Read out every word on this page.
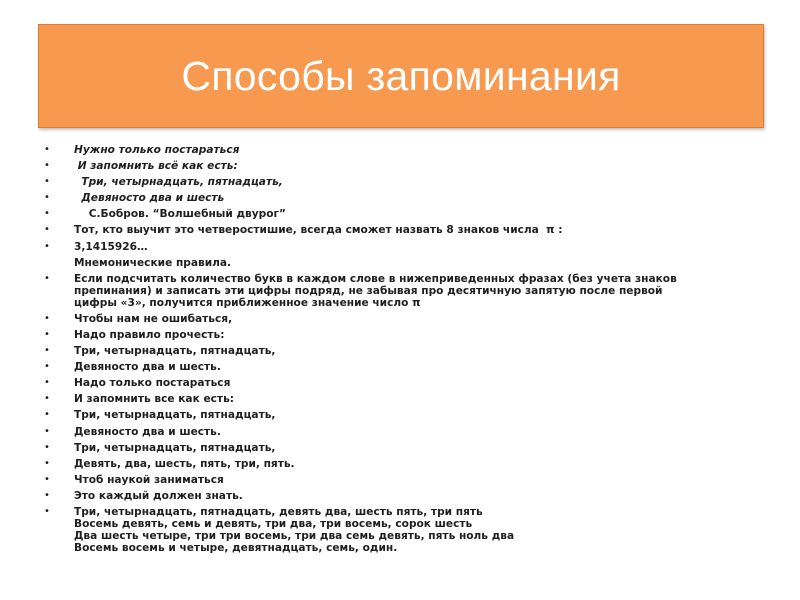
Способы запоминания
• Нужно только постараться
• И запомнить всё как есть:
• Три, четырнадцать, пятнадцать,
• Девяносто два и шесть
• С.Бобров. “Волшебный двурог”
• Тот, кто выучит это четверостишие, всегда сможет назвать 8 знаков числа  π :
• 3,1415926…
Мнемонические правила.
• Если подсчитать количество букв в каждом слове в нижеприведенных фразах (без учета знаков
препинания) и записать эти цифры подряд, не забывая про десятичную запятую после первой
цифры «3», получится приближенное значение число π
• Чтобы нам не ошибаться,
• Надо правило прочесть:
• Три, четырнадцать, пятнадцать,
• Девяносто два и шесть.
• Надо только постараться
• И запомнить все как есть:
• Три, четырнадцать, пятнадцать,
• Девяносто два и шесть.
• Три, четырнадцать, пятнадцать,
• Девять, два, шесть, пять, три, пять.
• Чтоб наукой заниматься
• Это каждый должен знать.
• Три, четырнадцать, пятнадцать, девять два, шесть пять, три пять
Восемь девять, семь и девять, три два, три восемь, сорок шесть
Два шесть четыре, три три восемь, три два семь девять, пять ноль два
Восемь восемь и четыре, девятнадцать, семь, один.
